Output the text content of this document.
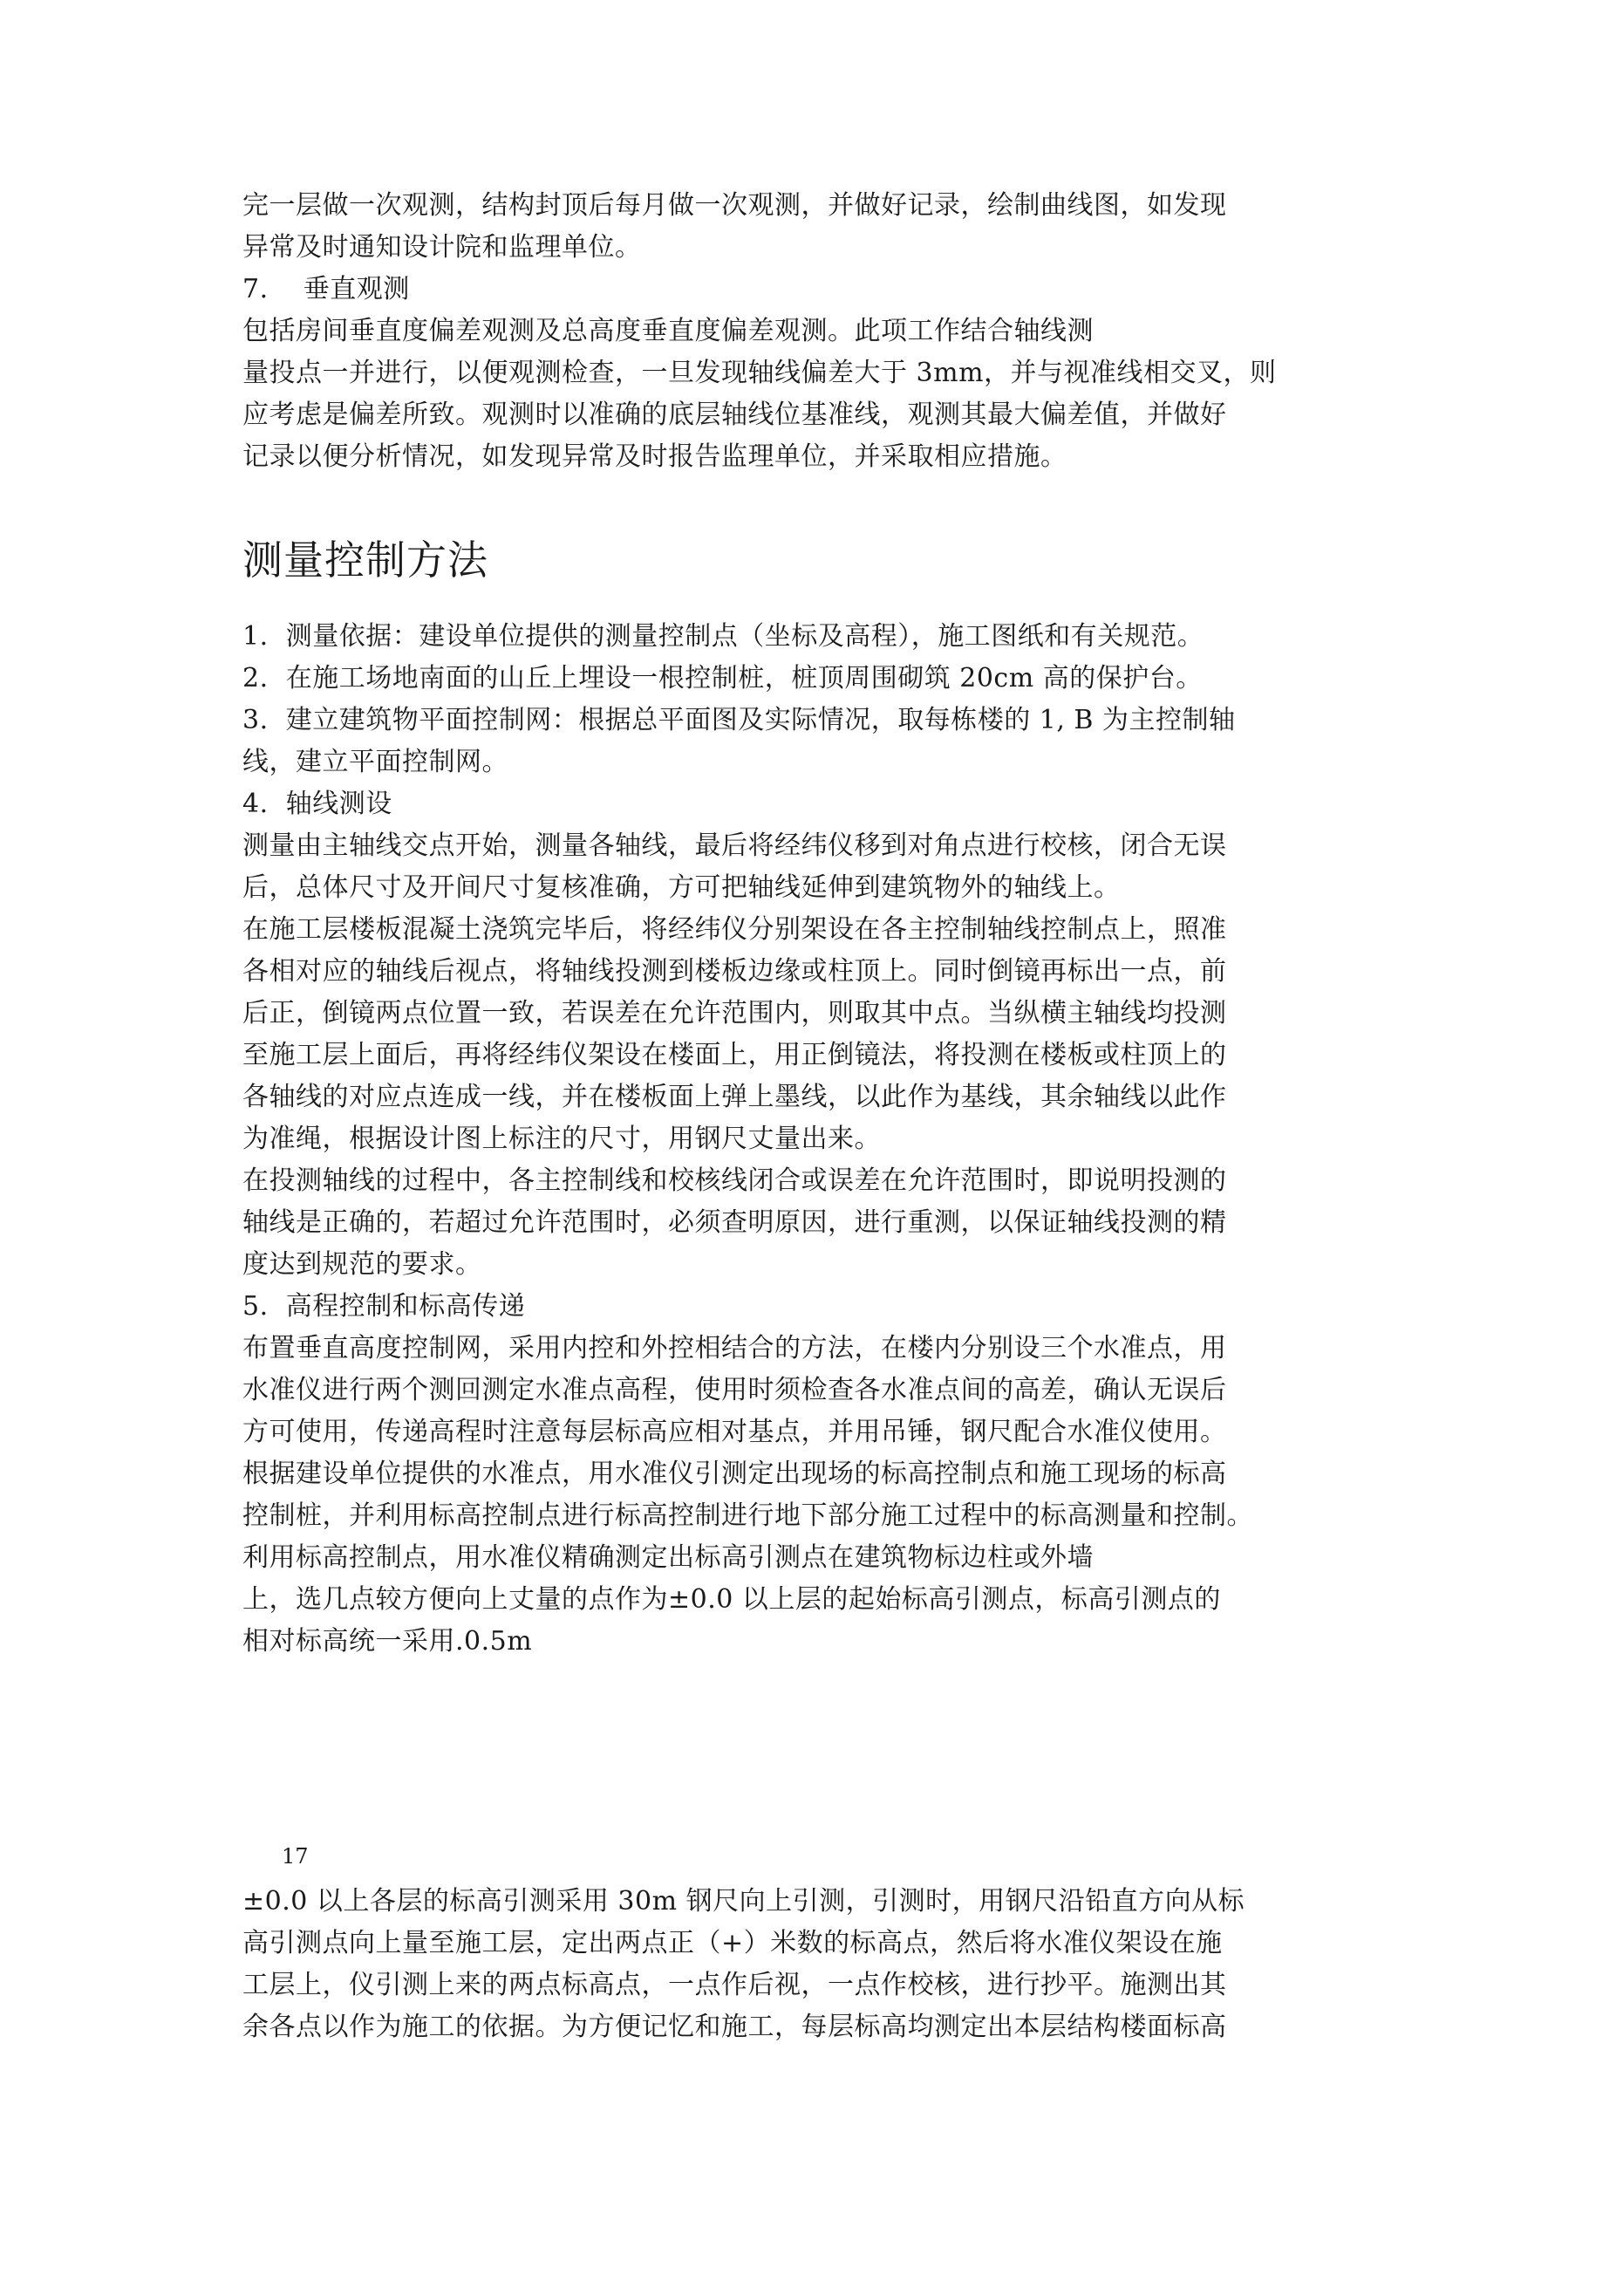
完一层做一次观测，结构封顶后每月做一次观测，并做好记录，绘制曲线图，如发现
异常及时通知设计院和监理单位。
7.    垂直观测
包括房间垂直度偏差观测及总高度垂直度偏差观测。此项工作结合轴线测
量投点一并进行，以便观测检查，一旦发现轴线偏差大于 3mm，并与视准线相交叉，则
应考虑是偏差所致。观测时以准确的底层轴线位基准线，观测其最大偏差值，并做好
记录以便分析情况，如发现异常及时报告监理单位，并采取相应措施。
测量控制方法
1.  测量依据：建设单位提供的测量控制点（坐标及高程），施工图纸和有关规范。
2.  在施工场地南面的山丘上埋设一根控制桩，桩顶周围砌筑 20cm 高的保护台。
3.  建立建筑物平面控制网：根据总平面图及实际情况，取每栋楼的 1, B 为主控制轴
线，建立平面控制网。
4.  轴线测设
测量由主轴线交点开始，测量各轴线，最后将经纬仪移到对角点进行校核，闭合无误
后，总体尺寸及开间尺寸复核准确，方可把轴线延伸到建筑物外的轴线上。
在施工层楼板混凝土浇筑完毕后，将经纬仪分别架设在各主控制轴线控制点上，照准
各相对应的轴线后视点，将轴线投测到楼板边缘或柱顶上。同时倒镜再标出一点，前
后正，倒镜两点位置一致，若误差在允许范围内，则取其中点。当纵横主轴线均投测
至施工层上面后，再将经纬仪架设在楼面上，用正倒镜法，将投测在楼板或柱顶上的
各轴线的对应点连成一线，并在楼板面上弹上墨线，以此作为基线，其余轴线以此作
为准绳，根据设计图上标注的尺寸，用钢尺丈量出来。
在投测轴线的过程中，各主控制线和校核线闭合或误差在允许范围时，即说明投测的
轴线是正确的，若超过允许范围时，必须查明原因，进行重测，以保证轴线投测的精
度达到规范的要求。
5.  高程控制和标高传递
布置垂直高度控制网，采用内控和外控相结合的方法，在楼内分别设三个水准点，用
水准仪进行两个测回测定水准点高程，使用时须检查各水准点间的高差，确认无误后
方可使用，传递高程时注意每层标高应相对基点，并用吊锤，钢尺配合水准仪使用。
根据建设单位提供的水准点，用水准仪引测定出现场的标高控制点和施工现场的标高
控制桩，并利用标高控制点进行标高控制进行地下部分施工过程中的标高测量和控制。
利用标高控制点，用水准仪精确测定出标高引测点在建筑物标边柱或外墙
上，选几点较方便向上丈量的点作为±0.0 以上层的起始标高引测点，标高引测点的
相对标高统一采用.0.5m
17
±0.0 以上各层的标高引测采用 30m 钢尺向上引测，引测时，用钢尺沿铅直方向从标
高引测点向上量至施工层，定出两点正（+）米数的标高点，然后将水准仪架设在施
工层上，仪引测上来的两点标高点，一点作后视，一点作校核，进行抄平。施测出其
余各点以作为施工的依据。为方便记忆和施工，每层标高均测定出本层结构楼面标高
